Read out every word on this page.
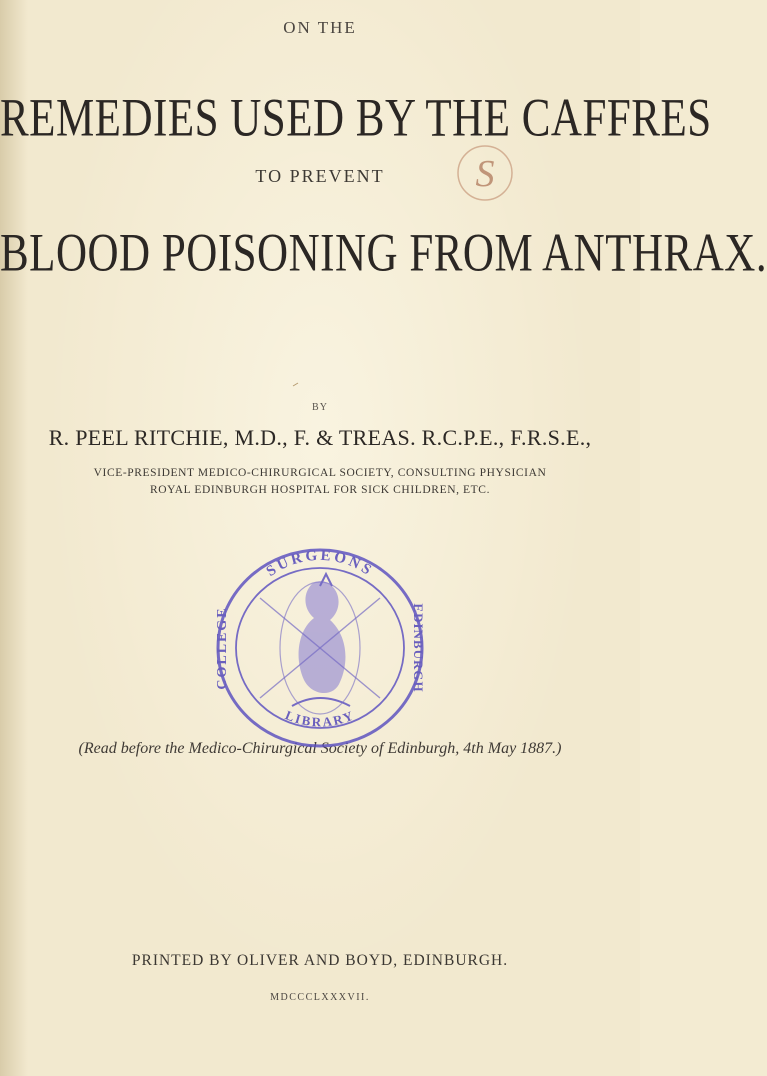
ON THE
REMEDIES USED BY THE CAFFRES
TO PREVENT	S
BLOOD POISONING FROM ANTHRAX.
BY
R. PEEL RITCHIE, M.D., F. & TREAS. R.C.P.E., F.R.S.E.,
VICE-PRESIDENT MEDICO-CHIRURGICAL SOCIETY, CONSULTING PHYSICIAN
ROYAL EDINBURGH HOSPITAL FOR SICK CHILDREN, ETC.
(Read before the Medico-Chirurgical Society of Edinburgh, 4th May 1887.)
SURGEONS
LIBRARY
COLLEGE	EDINBURGH
PRINTED BY OLIVER AND BOYD, EDINBURGH.
MDCCCLXXXVII.
